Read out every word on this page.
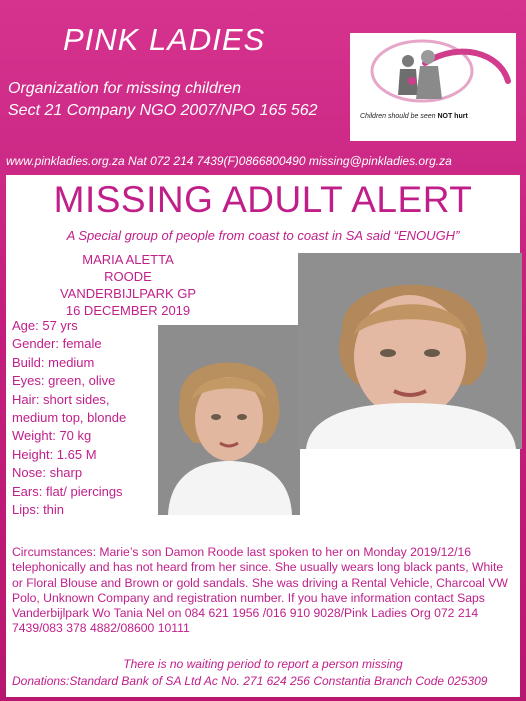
PINK LADIES
Organization for missing children
Sect 21 Company NGO 2007/NPO 165 562	Children should be seen NOT hurt
www.pinkladies.org.za Nat 072 214 7439(F)0866800490 missing@pinkladies.org.za
MISSING ADULT ALERT
A Special group of people from coast to coast in SA said “ENOUGH”
MARIA ALETTA ROODE
VANDERBIJLPARK GP
16 DECEMBER 2019
Age: 57 yrs
Gender: female
Build: medium
Eyes: green, olive
Hair: short sides,
medium top, blonde
Weight: 70 kg
Height: 1.65 M
Nose: sharp
Ears: flat/ piercings
Lips: thin
Circumstances: Marie’s son Damon Roode last spoken to her on Monday 2019/12/16 telephonically and has not heard from her since. She usually wears long black pants, White or Floral Blouse and Brown or gold sandals. She was driving a Rental Vehicle, Charcoal VW Polo, Unknown Company and registration number. If you have information contact Saps Vanderbijlpark Wo Tania Nel on 084 621 1956 /016 910 9028/Pink Ladies Org 072 214 7439/083 378 4882/08600 10111
There is no waiting period to report a person missing
Donations:Standard Bank of SA Ltd Ac No. 271 624 256 Constantia Branch Code 025309
